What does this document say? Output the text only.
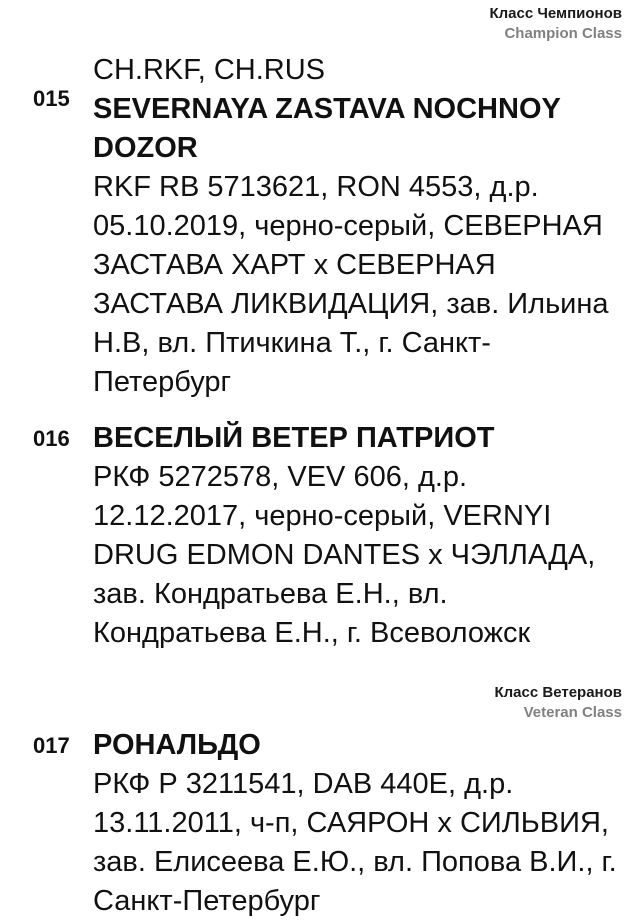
Класс Чемпионов
Champion Class
015
CH.RKF, CH.RUS
SEVERNAYA ZASTAVA NOCHNOY DOZOR
RKF RB 5713621, RON 4553, д.р. 05.10.2019, черно-серый, СЕВЕРНАЯ ЗАСТАВА ХАРТ х СЕВЕРНАЯ ЗАСТАВА ЛИКВИДАЦИЯ, зав. Ильина Н.В, вл. Птичкина Т., г. Санкт-Петербург
016 ВЕСЕЛЫЙ ВЕТЕР ПАТРИОТ
РКФ 5272578, VEV 606, д.р. 12.12.2017, черно-серый, VERNYI DRUG EDMON DANTES х ЧЭЛЛАДА, зав. Кондратьева Е.Н., вл. Кондратьева Е.Н., г. Всеволожск
Класс Ветеранов
Veteran Class
017 РОНАЛЬДО
РКФ Р 3211541, DAB 440E, д.р. 13.11.2011, ч-п, САЯРОН х СИЛЬВИЯ, зав. Елисеева Е.Ю., вл. Попова В.И., г. Санкт-Петербург
